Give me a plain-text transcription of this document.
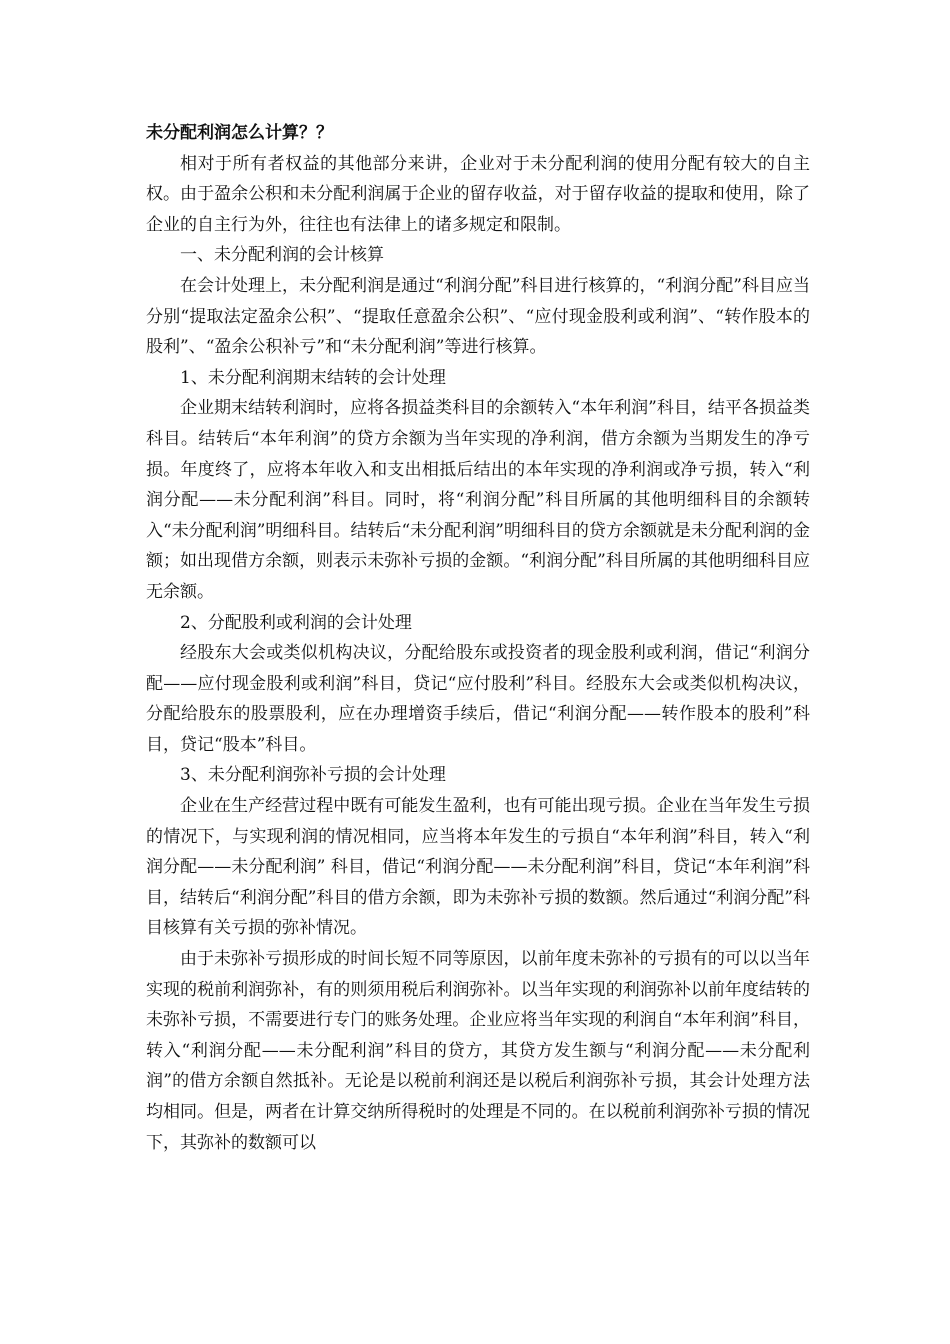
未分配利润怎么计算？？

相对于所有者权益的其他部分来讲，企业对于未分配利润的使用分配有较大的自主权。由于盈余公积和未分配利润属于企业的留存收益，对于留存收益的提取和使用，除了企业的自主行为外，往往也有法律上的诸多规定和限制。

一、未分配利润的会计核算

在会计处理上，未分配利润是通过“利润分配”科目进行核算的，“利润分配”科目应当分别“提取法定盈余公积”、“提取任意盈余公积”、“应付现金股利或利润”、“转作股本的股利”、“盈余公积补亏”和“未分配利润”等进行核算。

1、未分配利润期末结转的会计处理

企业期末结转利润时，应将各损益类科目的余额转入“本年利润”科目，结平各损益类科目。结转后“本年利润”的贷方余额为当年实现的净利润，借方余额为当期发生的净亏损。年度终了，应将本年收入和支出相抵后结出的本年实现的净利润或净亏损，转入“利润分配——未分配利润”科目。同时，将“利润分配”科目所属的其他明细科目的余额转入“未分配利润”明细科目。结转后“未分配利润”明细科目的贷方余额就是未分配利润的金额；如出现借方余额，则表示未弥补亏损的金额。“利润分配”科目所属的其他明细科目应无余额。

2、分配股利或利润的会计处理

经股东大会或类似机构决议，分配给股东或投资者的现金股利或利润，借记“利润分配——应付现金股利或利润”科目，贷记“应付股利”科目。经股东大会或类似机构决议，分配给股东的股票股利，应在办理增资手续后，借记“利润分配——转作股本的股利”科目，贷记“股本”科目。

3、未分配利润弥补亏损的会计处理

企业在生产经营过程中既有可能发生盈利，也有可能出现亏损。企业在当年发生亏损的情况下，与实现利润的情况相同，应当将本年发生的亏损自“本年利润”科目，转入“利润分配——未分配利润” 科目，借记“利润分配——未分配利润”科目，贷记“本年利润”科目，结转后“利润分配”科目的借方余额，即为未弥补亏损的数额。然后通过“利润分配”科目核算有关亏损的弥补情况。

由于未弥补亏损形成的时间长短不同等原因，以前年度未弥补的亏损有的可以以当年实现的税前利润弥补，有的则须用税后利润弥补。以当年实现的利润弥补以前年度结转的未弥补亏损，不需要进行专门的账务处理。企业应将当年实现的利润自“本年利润”科目，转入“利润分配——未分配利润”科目的贷方，其贷方发生额与“利润分配——未分配利润”的借方余额自然抵补。无论是以税前利润还是以税后利润弥补亏损，其会计处理方法均相同。但是，两者在计算交纳所得税时的处理是不同的。在以税前利润弥补亏损的情况下，其弥补的数额可以
